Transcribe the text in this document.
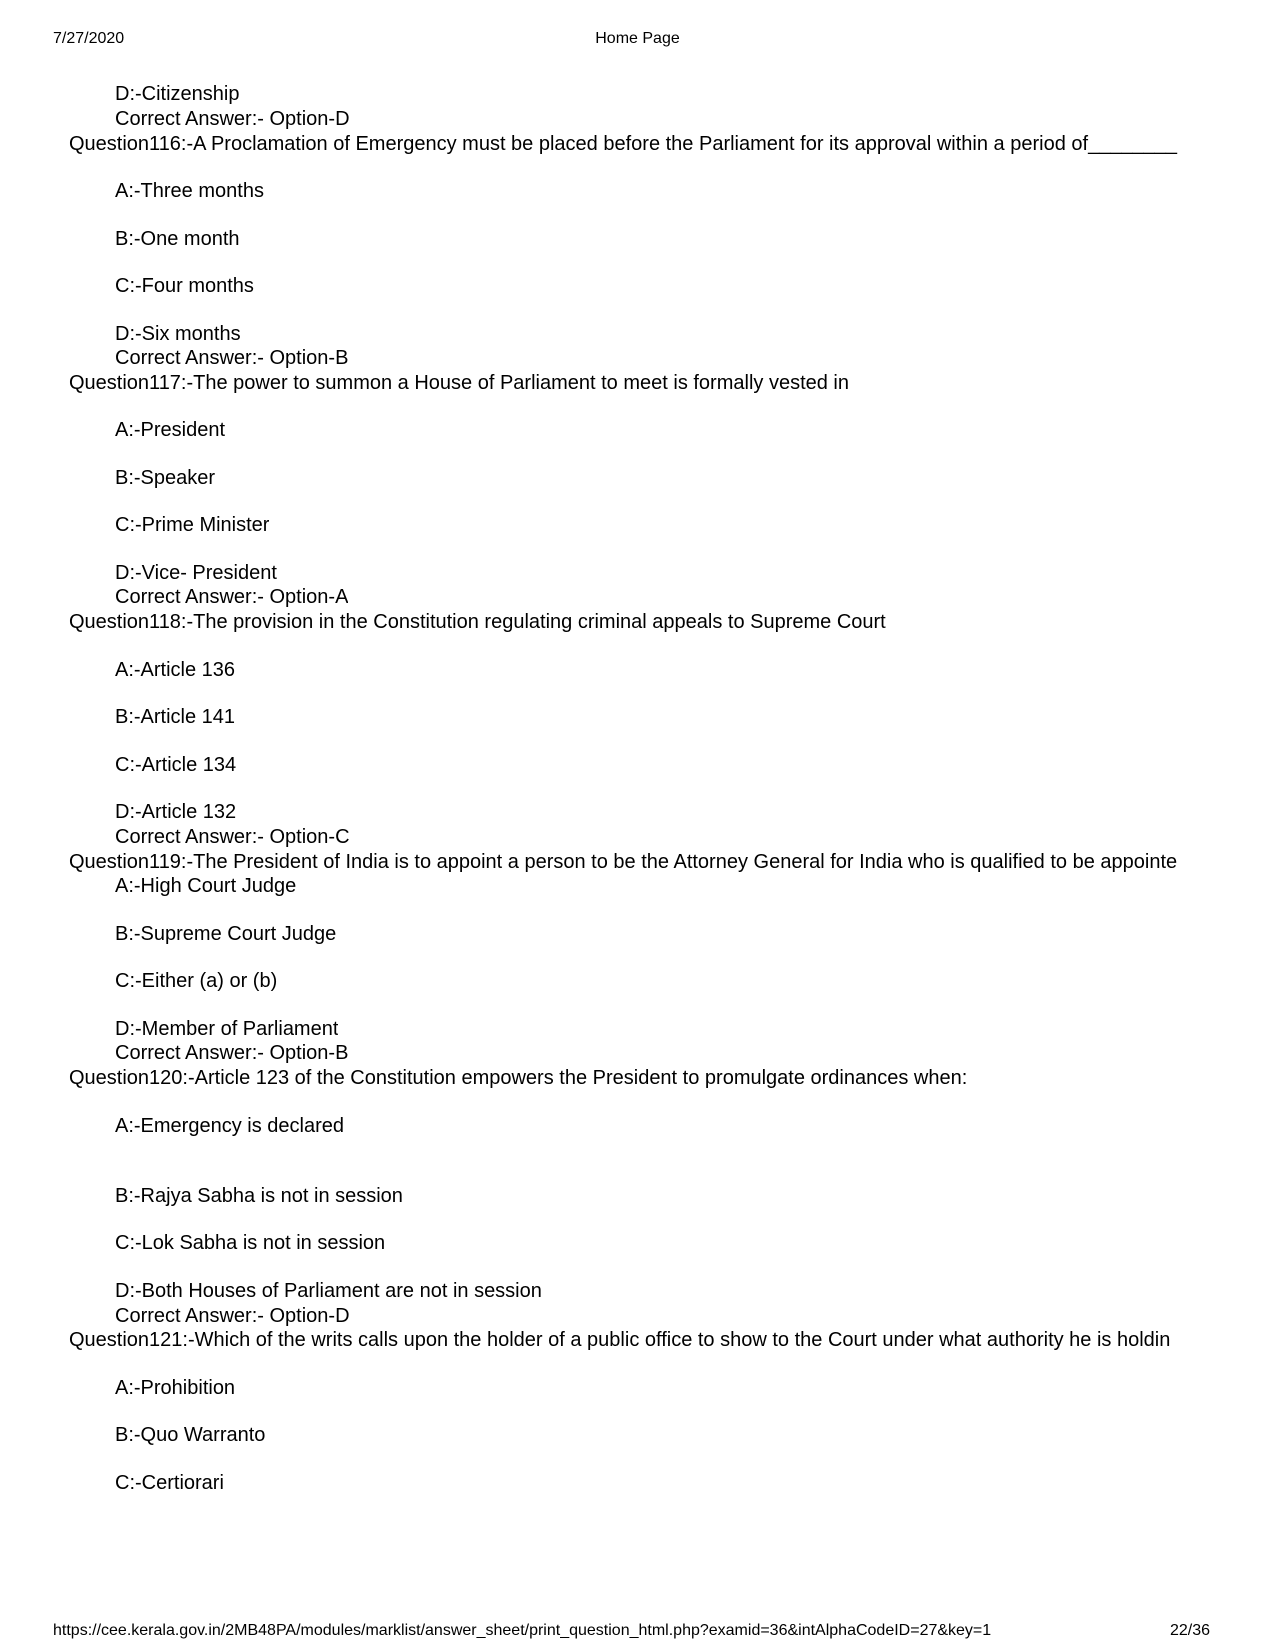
7/27/2020	Home Page
D:-Citizenship
Correct Answer:- Option-D
Question116:-A Proclamation of Emergency must be placed before the Parliament for its approval within a period of________
A:-Three months
B:-One month
C:-Four months
D:-Six months
Correct Answer:- Option-B
Question117:-The power to summon a House of Parliament to meet is formally vested in
A:-President
B:-Speaker
C:-Prime Minister
D:-Vice- President
Correct Answer:- Option-A
Question118:-The provision in the Constitution regulating criminal appeals to Supreme Court
A:-Article 136
B:-Article 141
C:-Article 134
D:-Article 132
Correct Answer:- Option-C
Question119:-The President of India is to appoint a person to be the Attorney General for India who is qualified to be appointe
A:-High Court Judge
B:-Supreme Court Judge
C:-Either (a) or (b)
D:-Member of Parliament
Correct Answer:- Option-B
Question120:-Article 123 of the Constitution empowers the President to promulgate ordinances when:
A:-Emergency is declared
B:-Rajya Sabha is not in session
C:-Lok Sabha is not in session
D:-Both Houses of Parliament are not in session
Correct Answer:- Option-D
Question121:-Which of the writs calls upon the holder of a public office to show to the Court under what authority he is holdin
A:-Prohibition
B:-Quo Warranto
C:-Certiorari
https://cee.kerala.gov.in/2MB48PA/modules/marklist/answer_sheet/print_question_html.php?examid=36&intAlphaCodeID=27&key=1	22/36
